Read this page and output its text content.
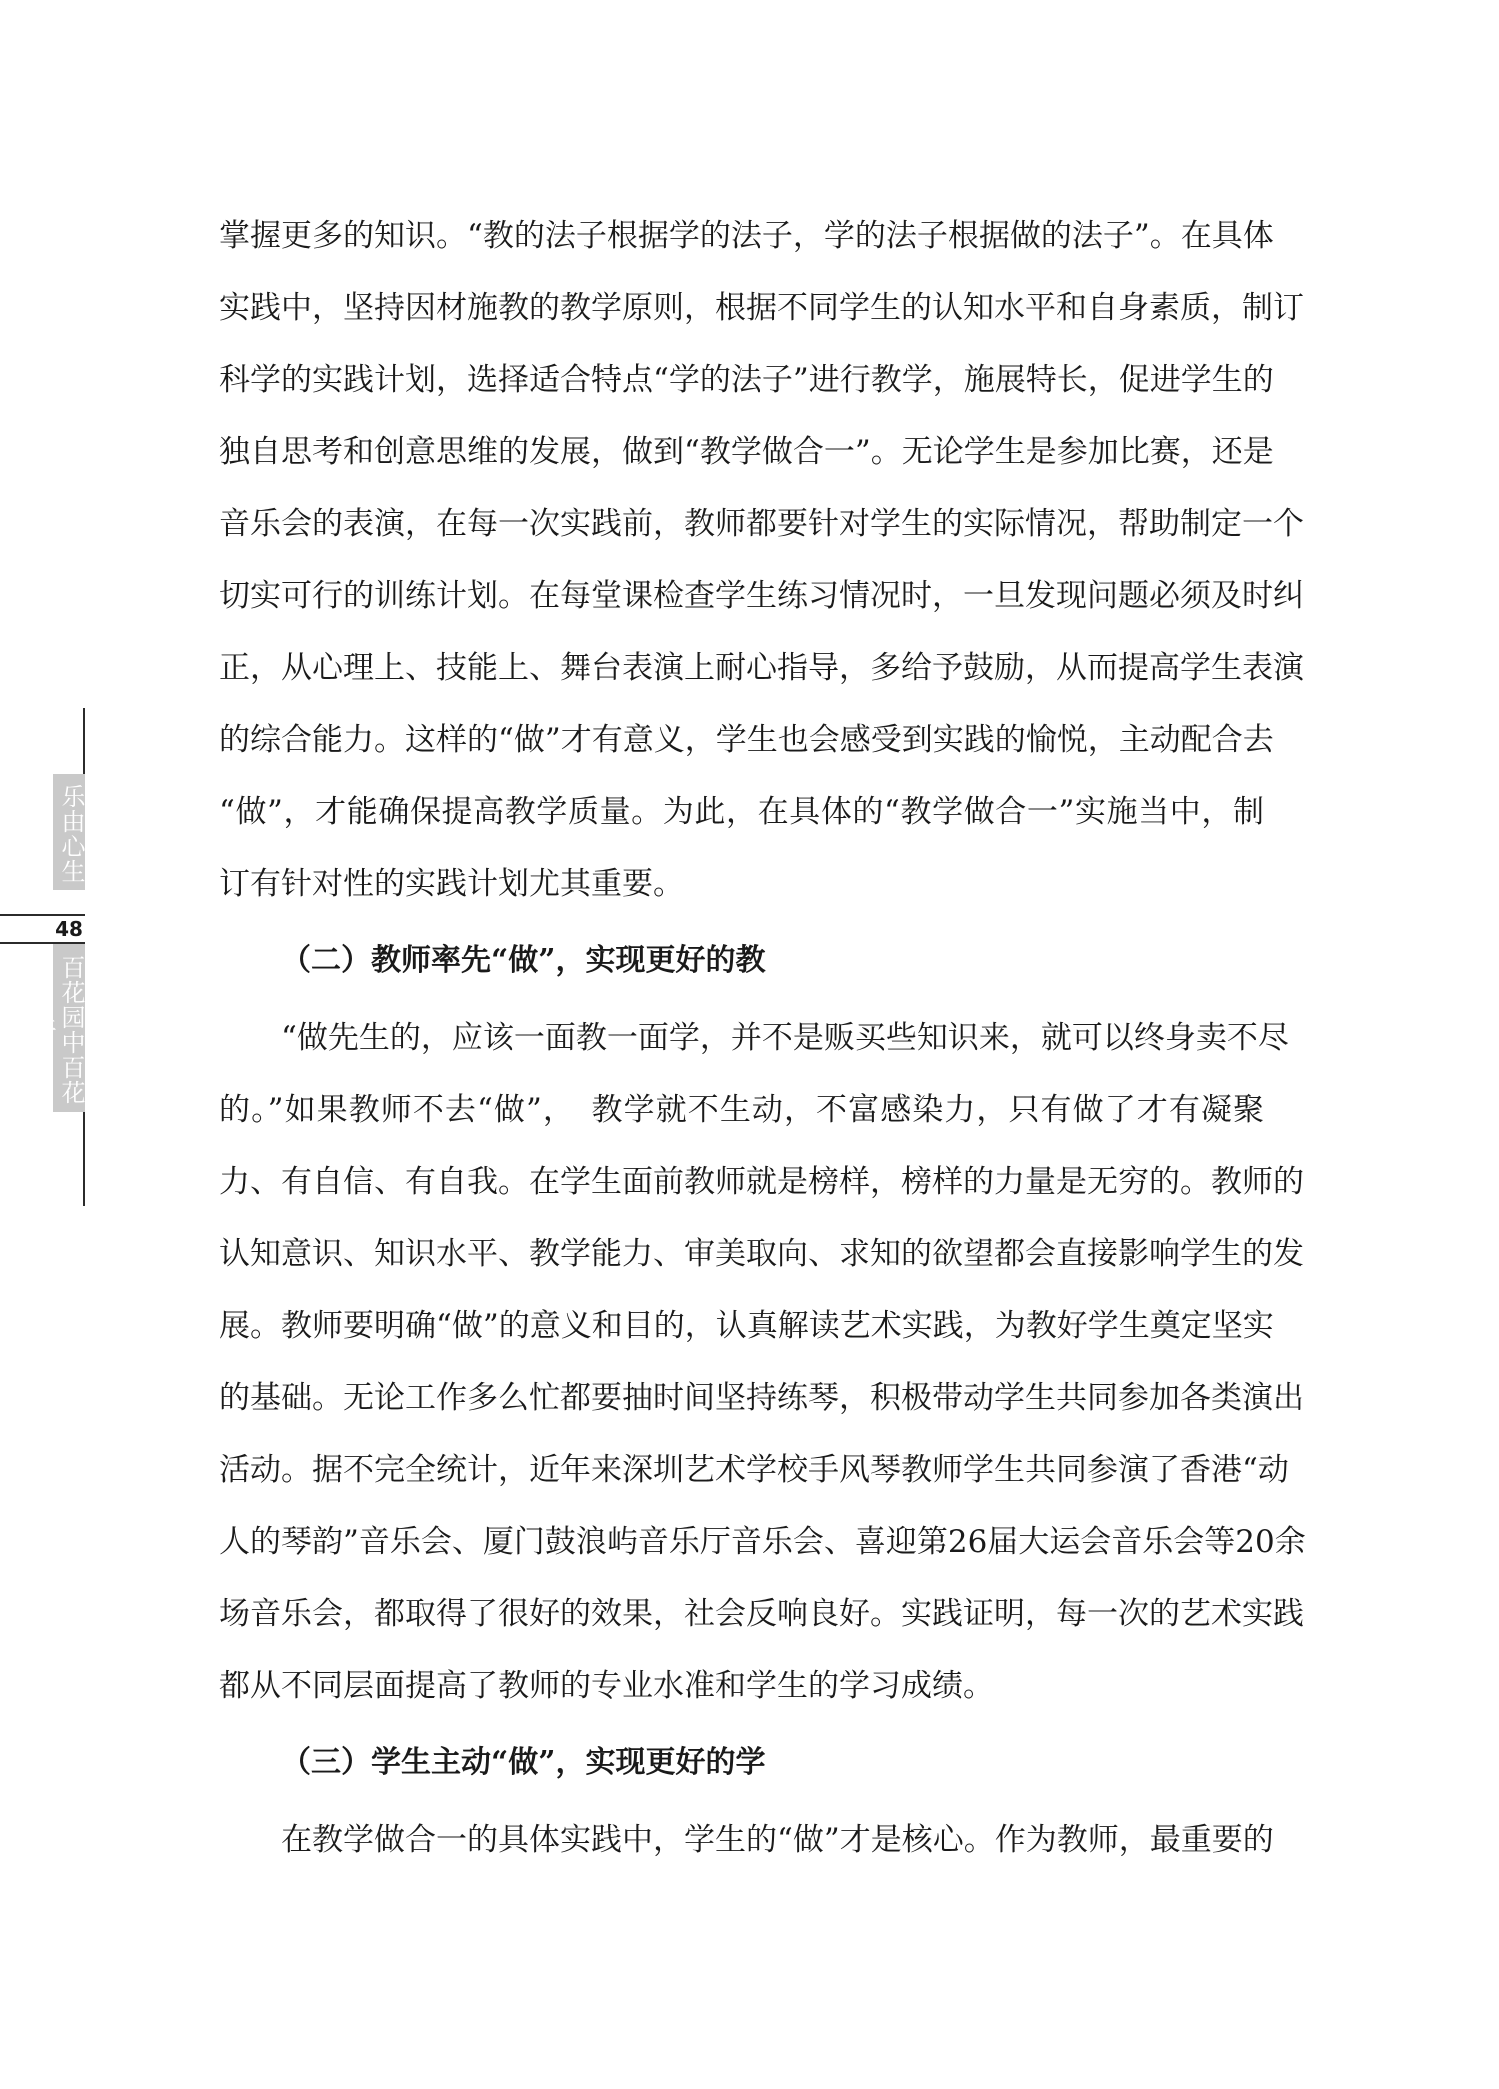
乐由心生
48
百花园中百花开
掌握更多的知识。“教的法子根据学的法子，学的法子根据做的法子”。在具体
实践中，坚持因材施教的教学原则，根据不同学生的认知水平和自身素质，制订
科学的实践计划，选择适合特点“学的法子”进行教学，施展特长，促进学生的
独自思考和创意思维的发展，做到“教学做合一”。无论学生是参加比赛，还是
音乐会的表演，在每一次实践前，教师都要针对学生的实际情况，帮助制定一个
切实可行的训练计划。在每堂课检查学生练习情况时，一旦发现问题必须及时纠
正，从心理上、技能上、舞台表演上耐心指导，多给予鼓励，从而提高学生表演
的综合能力。这样的“做”才有意义，学生也会感受到实践的愉悦，主动配合去
“做”，才能确保提高教学质量。为此，在具体的“教学做合一”实施当中，制
订有针对性的实践计划尤其重要。
（二）教师率先“做”，实现更好的教
“做先生的，应该一面教一面学，并不是贩买些知识来，就可以终身卖不尽
的。”如果教师不去“做”，　教学就不生动，不富感染力，只有做了才有凝聚
力、有自信、有自我。在学生面前教师就是榜样，榜样的力量是无穷的。教师的
认知意识、知识水平、教学能力、审美取向、求知的欲望都会直接影响学生的发
展。教师要明确“做”的意义和目的，认真解读艺术实践，为教好学生奠定坚实
的基础。无论工作多么忙都要抽时间坚持练琴，积极带动学生共同参加各类演出
活动。据不完全统计，近年来深圳艺术学校手风琴教师学生共同参演了香港“动
人的琴韵”音乐会、厦门鼓浪屿音乐厅音乐会、喜迎第26届大运会音乐会等20余
场音乐会，都取得了很好的效果，社会反响良好。实践证明，每一次的艺术实践
都从不同层面提高了教师的专业水准和学生的学习成绩。
（三）学生主动“做”，实现更好的学
在教学做合一的具体实践中，学生的“做”才是核心。作为教师，最重要的
